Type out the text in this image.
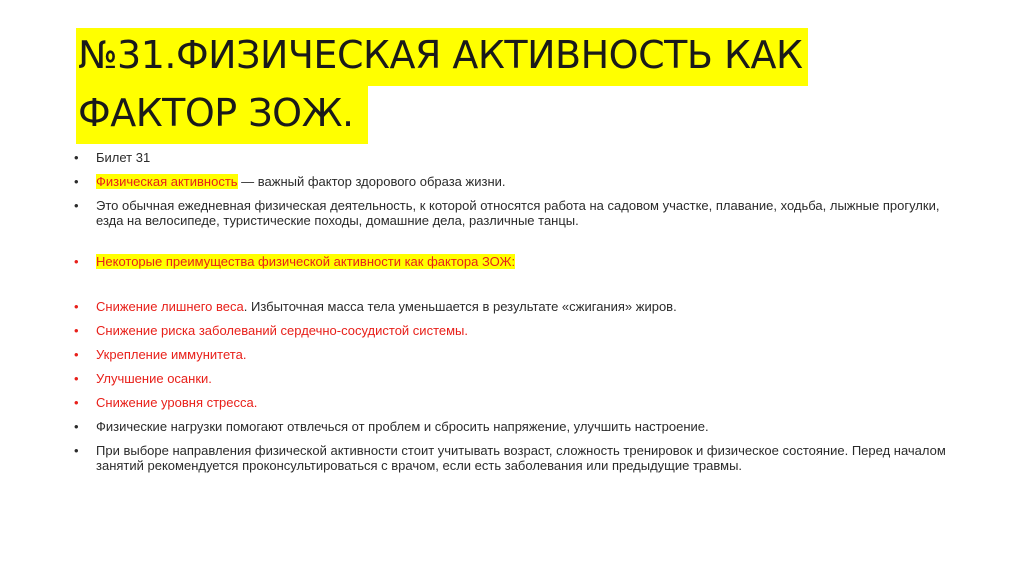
№31.ФИЗИЧЕСКАЯ АКТИВНОСТЬ КАК
ФАКТОР ЗОЖ.
• Билет 31
• Физическая активность — важный фактор здорового образа жизни.
• Это обычная ежедневная физическая деятельность, к которой относятся работа на садовом участке, плавание, ходьба, лыжные прогулки, езда на велосипеде, туристические походы, домашние дела, различные танцы.
• Некоторые преимущества физической активности как фактора ЗОЖ:
• Снижение лишнего веса. Избыточная масса тела уменьшается в результате «сжигания» жиров.
• Снижение риска заболеваний сердечно-сосудистой системы.
• Укрепление иммунитета.
• Улучшение осанки.
• Снижение уровня стресса.
• Физические нагрузки помогают отвлечься от проблем и сбросить напряжение, улучшить настроение.
• При выборе направления физической активности стоит учитывать возраст, сложность тренировок и физическое состояние. Перед началом занятий рекомендуется проконсультироваться с врачом, если есть заболевания или предыдущие травмы.
